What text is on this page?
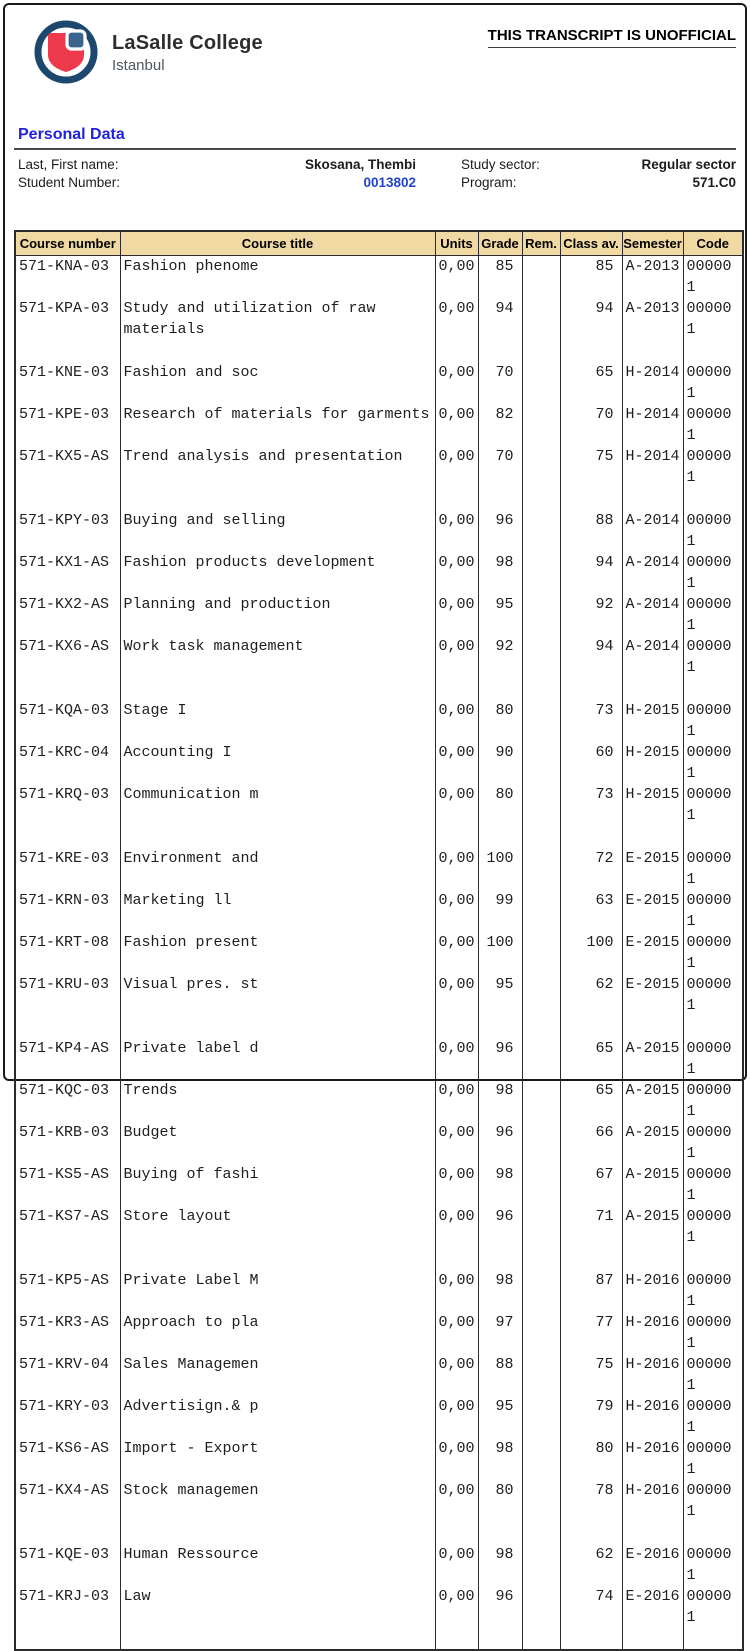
LaSalle College
Istanbul
THIS TRANSCRIPT IS UNOFFICIAL
Personal Data
Last, First name:	Skosana, Thembi	Study sector:	Regular sector
Student Number:	0013802	Program:	571.C0
Course number	Course title	Units	Grade	Rem.	Class av.	Semester	Code
571-KNA-03	Fashion phenome	0,00	85		85	A-2013	000001
571-KPA-03	Study and utilization of raw materials	0,00	94		94	A-2013	000001

571-KNE-03	Fashion and soc	0,00	70		65	H-2014	000001
571-KPE-03	Research of materials for garments	0,00	82		70	H-2014	000001
571-KX5-AS	Trend analysis and presentation	0,00	70		75	H-2014	000001

571-KPY-03	Buying and selling	0,00	96		88	A-2014	000001
571-KX1-AS	Fashion products development	0,00	98		94	A-2014	000001
571-KX2-AS	Planning and production	0,00	95		92	A-2014	000001
571-KX6-AS	Work task management	0,00	92		94	A-2014	000001

571-KQA-03	Stage I	0,00	80		73	H-2015	000001
571-KRC-04	Accounting I	0,00	90		60	H-2015	000001
571-KRQ-03	Communication m	0,00	80		73	H-2015	000001

571-KRE-03	Environment and	0,00	100		72	E-2015	000001
571-KRN-03	Marketing ll	0,00	99		63	E-2015	000001
571-KRT-08	Fashion present	0,00	100		100	E-2015	000001
571-KRU-03	Visual pres. st	0,00	95		62	E-2015	000001

571-KP4-AS	Private label d	0,00	96		65	A-2015	000001
571-KQC-03	Trends	0,00	98		65	A-2015	000001
571-KRB-03	Budget	0,00	96		66	A-2015	000001
571-KS5-AS	Buying of fashi	0,00	98		67	A-2015	000001
571-KS7-AS	Store layout	0,00	96		71	A-2015	000001

571-KP5-AS	Private Label M	0,00	98		87	H-2016	000001
571-KR3-AS	Approach to pla	0,00	97		77	H-2016	000001
571-KRV-04	Sales Managemen	0,00	88		75	H-2016	000001
571-KRY-03	Advertisign.& p	0,00	95		79	H-2016	000001
571-KS6-AS	Import - Export	0,00	98		80	H-2016	000001
571-KX4-AS	Stock managemen	0,00	80		78	H-2016	000001

571-KQE-03	Human Ressource	0,00	98		62	E-2016	000001
571-KRJ-03	Law	0,00	96		74	E-2016	000001
